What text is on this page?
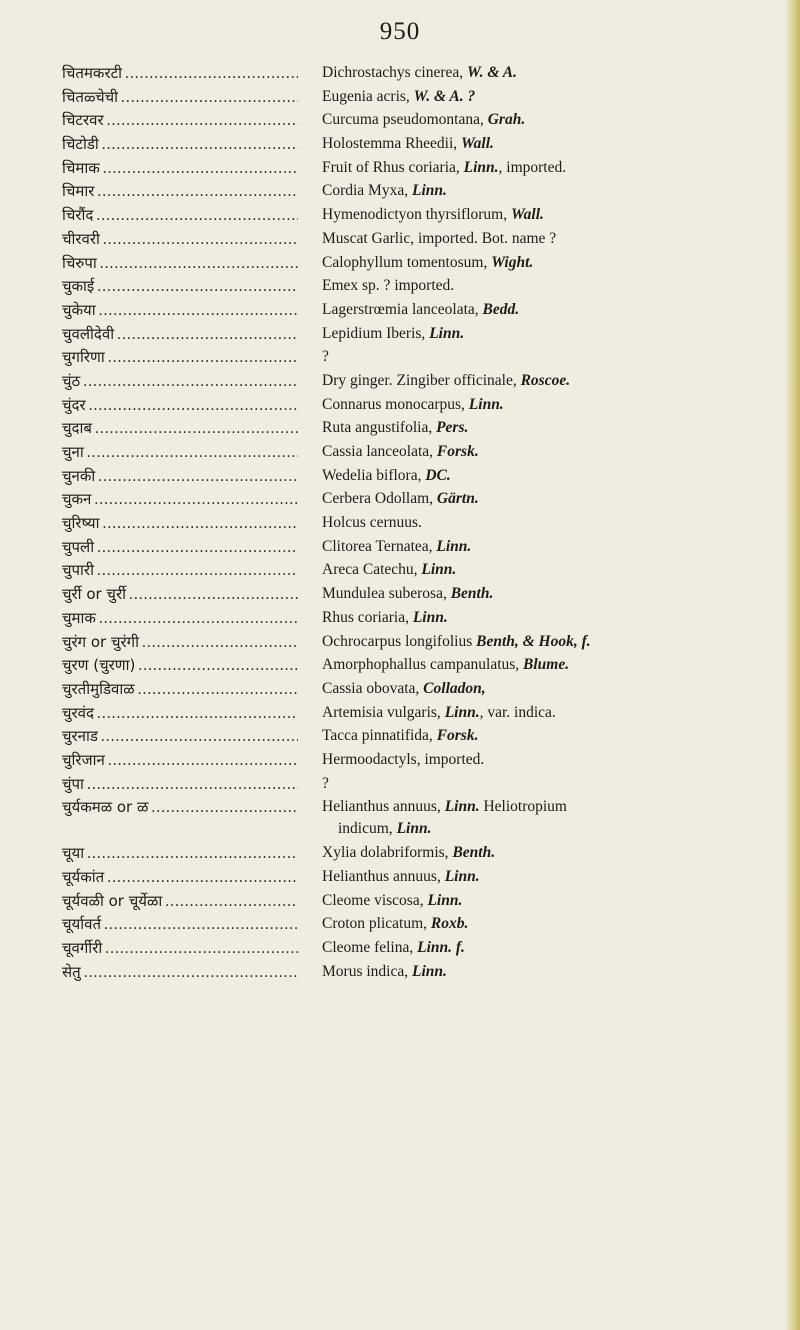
950
चितमकरटी .....	Dichrostachys cinerea, W. & A.
चितळ्चेची .....	Eugenia acris, W. & A. ?
चिटरवर .....	Curcuma pseudomontana, Grah.
चिटोडी .....	Holostemma Rheedii, Wall.
चिमाक .....	Fruit of Rhus coriaria, Linn., imported.
चिमार .....	Cordia Myxa, Linn.
चिरौंद .....	Hymenodictyon thyrsiflorum, Wall.
चीरवरी .....	Muscat Garlic, imported. Bot. name ?
चिरुपा .....	Calophyllum tomentosum, Wight.
चुकाई .....	Emex sp. ? imported.
चुकेया .....	Lagerstrœmia lanceolata, Bedd.
चुवलीदेवी .....	Lepidium Iberis, Linn.
चुगरिणा .....	?
चुंठ .....	Dry ginger. Zingiber officinale, Roscoe.
चुंदर .....	Connarus monocarpus, Linn.
चुदाब .....	Ruta angustifolia, Pers.
चुना .....	Cassia lanceolata, Forsk.
चुनकी .....	Wedelia biflora, DC.
चुकन .....	Cerbera Odollam, Gärtn.
चुरिष्या .....	Holcus cernuus.
चुपली .....	Clitorea Ternatea, Linn.
चुपारी .....	Areca Catechu, Linn.
चुर्री or चुर्री .....	Mundulea suberosa, Benth.
चुमाक .....	Rhus coriaria, Linn.
चुरंग or चुरंगी .....	Ochrocarpus longifolius Benth, & Hook, f.
चुरण (चुरणा) .....	Amorphophallus campanulatus, Blume.
चुरतीमुडिवाळ .....	Cassia obovata, Colladon,
चुरवंद .....	Artemisia vulgaris, Linn., var. indica.
चुरनाड .....	Tacca pinnatifida, Forsk.
चुरिजान .....	Hermoodactyls, imported.
चुंपा .....	?
चुर्यकमळ or ळ .....	Helianthus annuus, Linn. Heliotropium
indicum, Linn.
चूया .....	Xylia dolabriformis, Benth.
चूर्यकांत .....	Helianthus annuus, Linn.
चूर्यवळी or चूर्येळा .....	Cleome viscosa, Linn.
चूर्यावर्त .....	Croton plicatum, Roxb.
चूवर्गीरी .....	Cleome felina, Linn. f.
सेतु .....	Morus indica, Linn.
